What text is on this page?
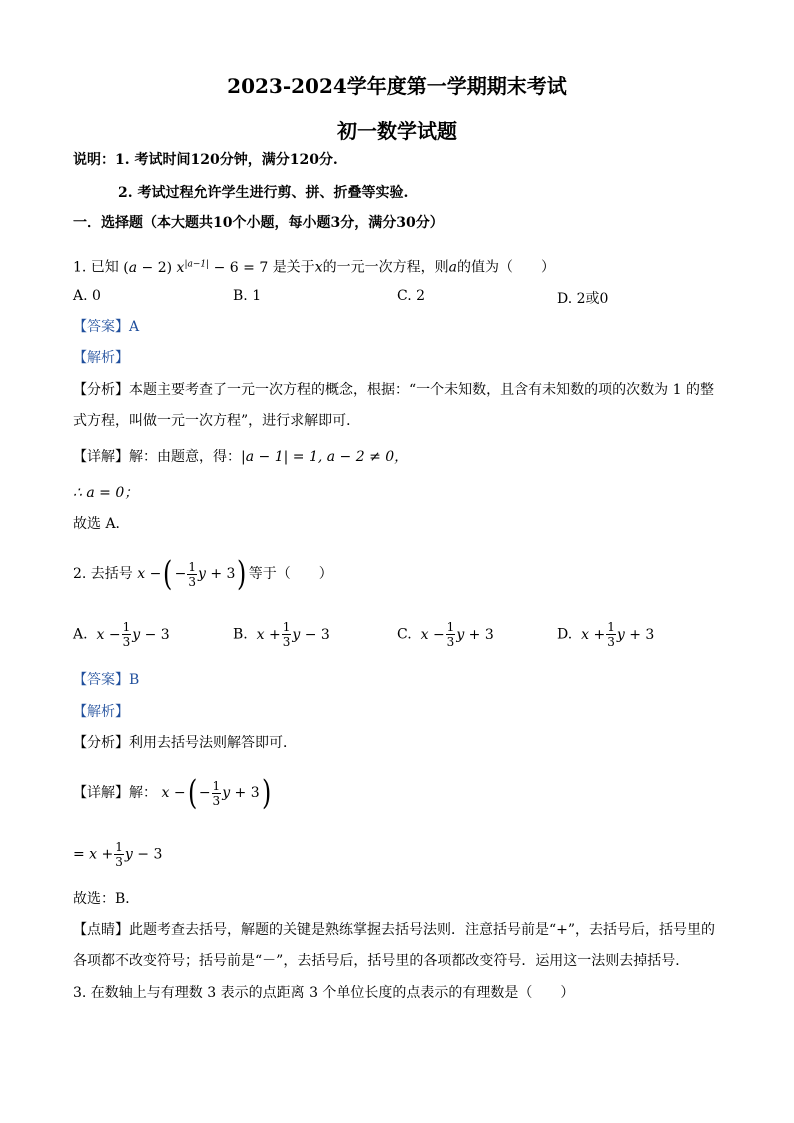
2023-2024学年度第一学期期末考试
初一数学试题
说明：1. 考试时间120分钟，满分120分.
2. 考试过程允许学生进行剪、拼、折叠等实验.
一．选择题（本大题共10个小题，每小题3分，满分30分）
1. 已知 (a − 2) $x^{|a-1|} - 6 = 7$ 是关于x的一元一次方程，则a的值为（　　）
A. 0	B. 1	C. 2	D. 2或0
【答案】A
【解析】
【分析】本题主要考查了一元一次方程的概念，根据：“一个未知数，且含有未知数的项的次数为 1 的整
式方程，叫做一元一次方程”，进行求解即可．
【详解】解：由题意，得：|a − 1| = 1, a − 2 ≠ 0，
∴ a = 0；
故选 A．
2. 去括号 x −( − $\frac{1}{3}$ y + 3) 等于（　　）
A. $x - \frac{1}{3}$ y − 3	B. $x + \frac{1}{3}$ y − 3	C. $x - \frac{1}{3}$ y + 3	D. $x + \frac{1}{3}$ y + 3
【答案】B
【解析】
【分析】利用去括号法则解答即可．
【详解】解： x −( − $\frac{1}{3}$ y + 3)
= $x + \frac{1}{3}$ y − 3
故选：B．
【点睛】此题考查去括号，解题的关键是熟练掌握去括号法则．注意括号前是“+”，去括号后，括号里的
各项都不改变符号；括号前是“－”，去括号后，括号里的各项都改变符号．运用这一法则去掉括号．
3. 在数轴上与有理数 3 表示的点距离 3 个单位长度的点表示的有理数是（　　）
